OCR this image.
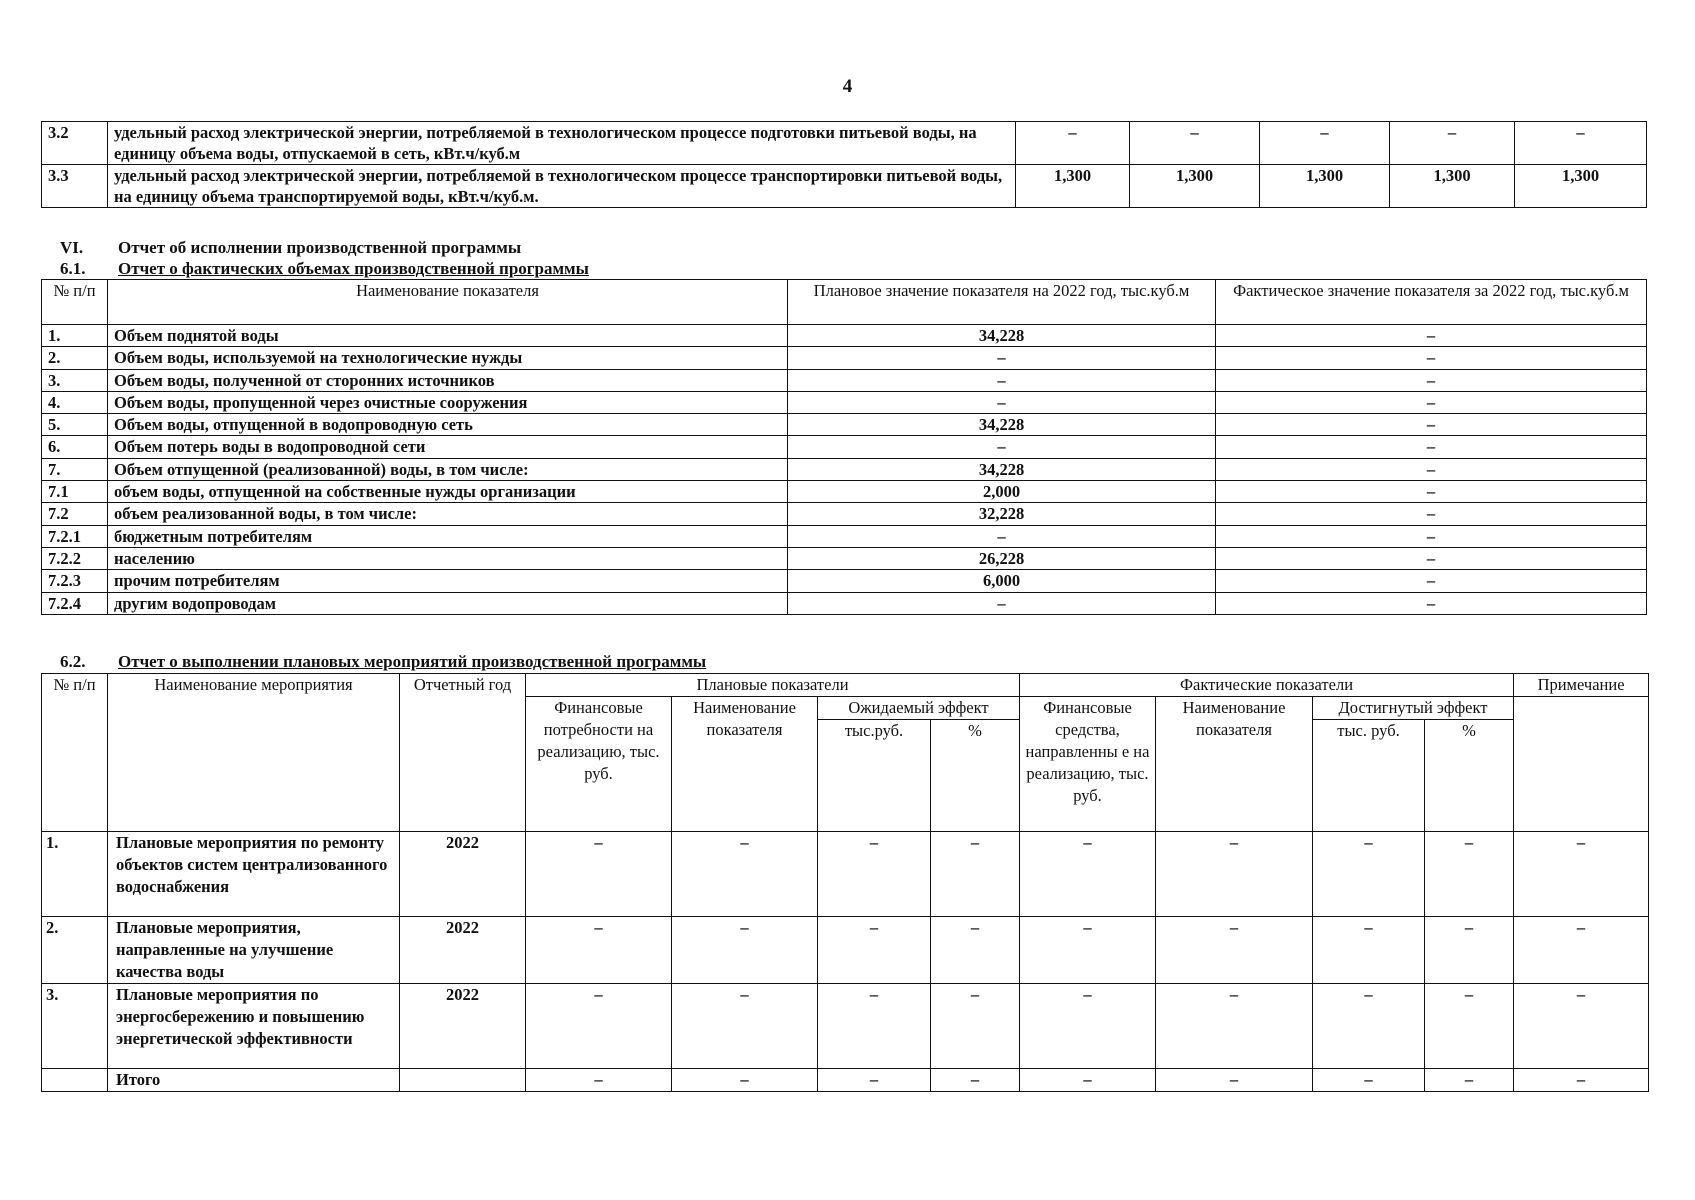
4
3.2	удельный расход электрической энергии, потребляемой в технологическом процессе подготовки питьевой воды, на единицу объема воды, отпускаемой в сеть, кВт.ч/куб.м	–	–	–	–	–
3.3	удельный расход электрической энергии, потребляемой в технологическом процессе транспортировки питьевой воды, на единицу объема транспортируемой воды, кВт.ч/куб.м.	1,300	1,300	1,300	1,300	1,300
VI. Отчет об исполнении производственной программы
6.1. Отчет о фактических объемах производственной программы
№ п/п	Наименование показателя	Плановое значение показателя на 2022 год, тыс.куб.м	Фактическое значение показателя за 2022 год, тыс.куб.м
1.	Объем поднятой воды	34,228	–
2.	Объем воды, используемой на технологические нужды	–	–
3.	Объем воды, полученной от сторонних источников	–	–
4.	Объем воды, пропущенной через очистные сооружения	–	–
5.	Объем воды, отпущенной в водопроводную сеть	34,228	–
6.	Объем потерь воды в водопроводной сети	–	–
7.	Объем отпущенной (реализованной) воды, в том числе:	34,228	–
7.1	объем воды, отпущенной на собственные нужды организации	2,000	–
7.2	объем реализованной воды, в том числе:	32,228	–
7.2.1	бюджетным потребителям	–	–
7.2.2	населению	26,228	–
7.2.3	прочим потребителям	6,000	–
7.2.4	другим водопроводам	–	–
6.2. Отчет о выполнении плановых мероприятий производственной программы
№ п/п	Наименование мероприятия	Отчетный год	Плановые показатели				Фактические показатели				Примечание
			Финансовые потребности на реализацию, тыс. руб.	Наименование показателя	Ожидаемый эффект		Финансовые средства, направленны е на реализацию, тыс. руб.	Наименование показателя	Достигнутый эффект		
					тыс.руб.	%			тыс. руб.	%	
1.	Плановые мероприятия по ремонту объектов систем централизованного водоснабжения	2022	–	–	–	–	–	–	–	–	–
2.	Плановые мероприятия, направленные на улучшение качества воды	2022	–	–	–	–	–	–	–	–	–
3.	Плановые мероприятия по энергосбережению и повышению энергетической эффективности	2022	–	–	–	–	–	–	–	–	–
	Итого		–	–	–	–	–	–	–	–	–
